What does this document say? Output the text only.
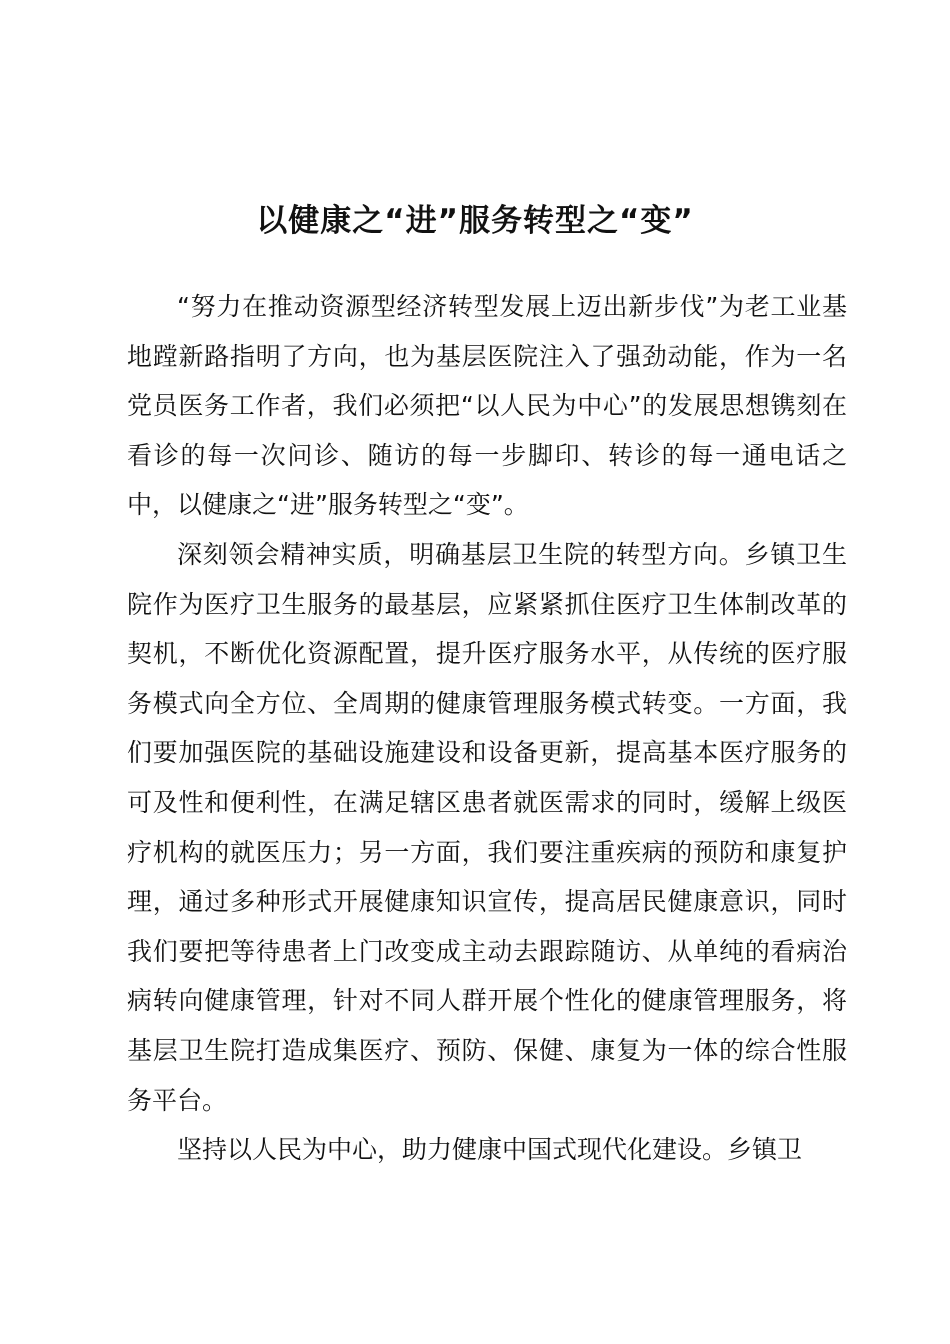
以健康之“进”服务转型之“变”

“努力在推动资源型经济转型发展上迈出新步伐”为老工业基地蹚新路指明了方向，也为基层医院注入了强劲动能，作为一名党员医务工作者，我们必须把“以人民为中心”的发展思想镌刻在看诊的每一次问诊、随访的每一步脚印、转诊的每一通电话之中，以健康之“进”服务转型之“变”。

深刻领会精神实质，明确基层卫生院的转型方向。乡镇卫生院作为医疗卫生服务的最基层，应紧紧抓住医疗卫生体制改革的契机，不断优化资源配置，提升医疗服务水平，从传统的医疗服务模式向全方位、全周期的健康管理服务模式转变。一方面，我们要加强医院的基础设施建设和设备更新，提高基本医疗服务的可及性和便利性，在满足辖区患者就医需求的同时，缓解上级医疗机构的就医压力；另一方面，我们要注重疾病的预防和康复护理，通过多种形式开展健康知识宣传，提高居民健康意识，同时我们要把等待患者上门改变成主动去跟踪随访、从单纯的看病治病转向健康管理，针对不同人群开展个性化的健康管理服务，将基层卫生院打造成集医疗、预防、保健、康复为一体的综合性服务平台。

坚持以人民为中心，助力健康中国式现代化建设。乡镇卫
